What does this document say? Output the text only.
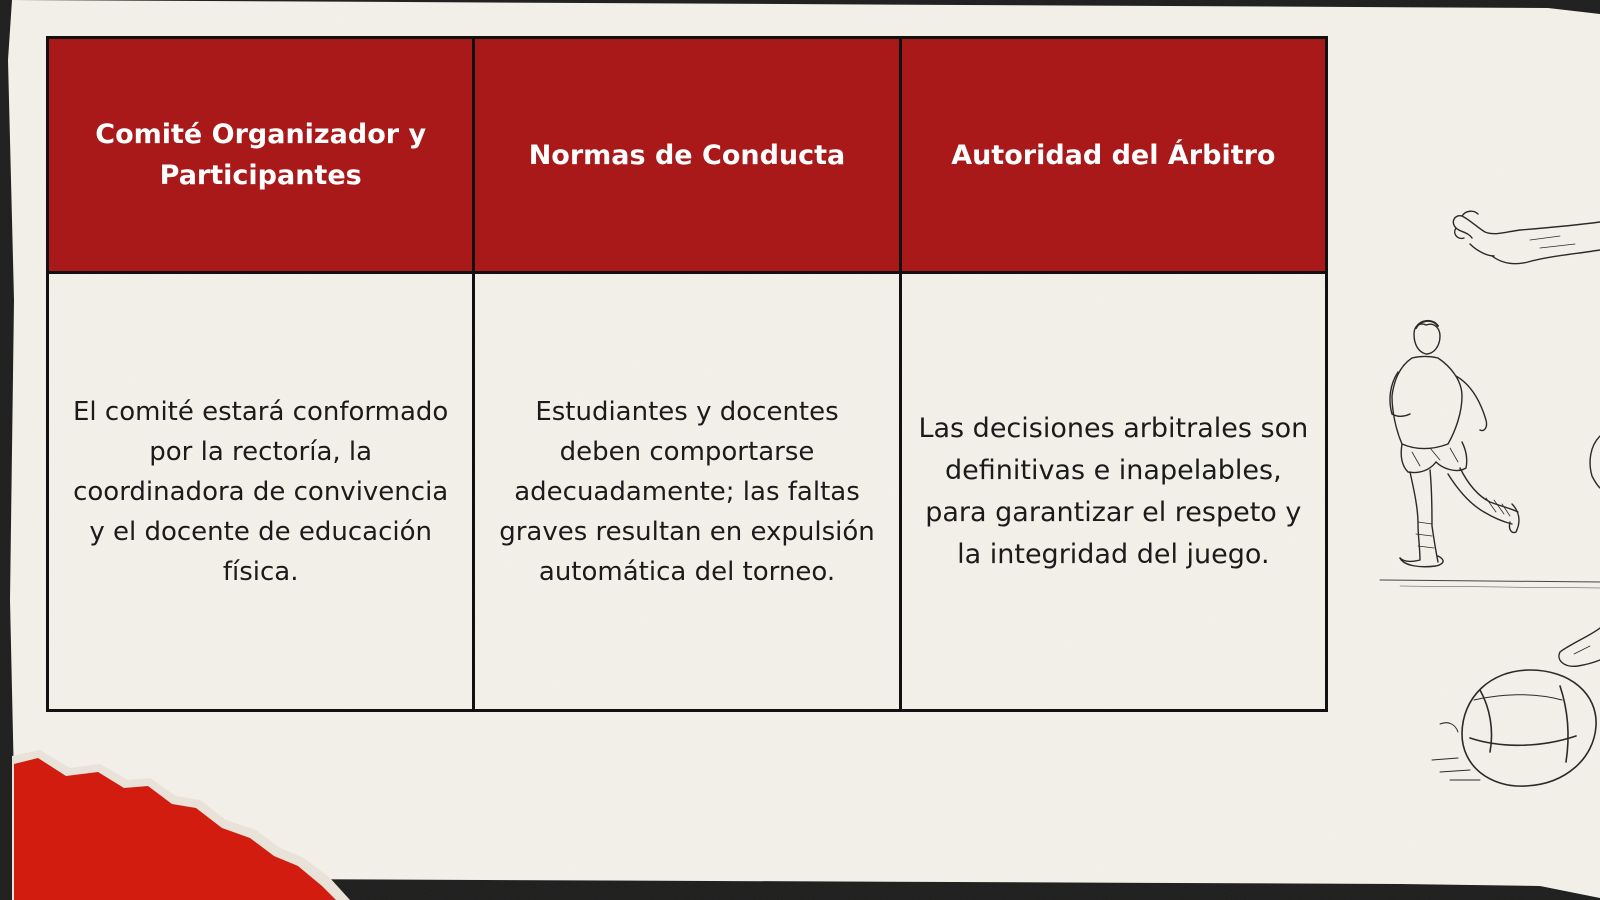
Comité Organizador y Participantes	Normas de Conducta	Autoridad del Árbitro
El comité estará conformado por la rectoría, la coordinadora de convivencia y el docente de educación física.	Estudiantes y docentes deben comportarse adecuadamente; las faltas graves resultan en expulsión automática del torneo.	Las decisiones arbitrales son definitivas e inapelables, para garantizar el respeto y la integridad del juego.
